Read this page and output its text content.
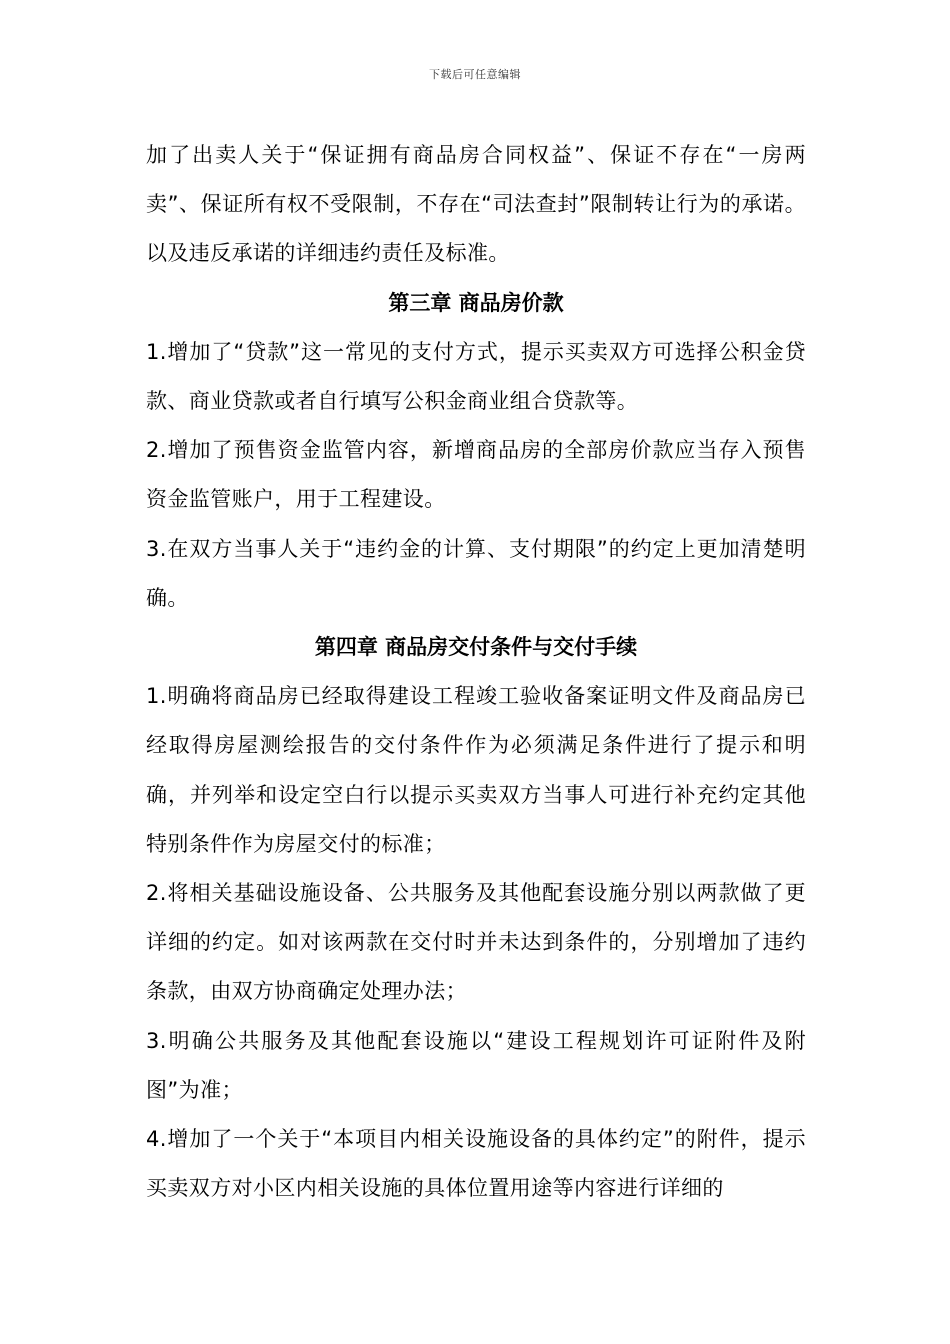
下载后可任意编辑

加了出卖人关于“保证拥有商品房合同权益”、保证不存在“一房两卖”、保证所有权不受限制，不存在“司法查封”限制转让行为的承诺。以及违反承诺的详细违约责任及标准。

第三章 商品房价款

1.增加了“贷款”这一常见的支付方式，提示买卖双方可选择公积金贷款、商业贷款或者自行填写公积金商业组合贷款等。

2.增加了预售资金监管内容，新增商品房的全部房价款应当存入预售资金监管账户，用于工程建设。

3.在双方当事人关于“违约金的计算、支付期限”的约定上更加清楚明确。

第四章 商品房交付条件与交付手续

1.明确将商品房已经取得建设工程竣工验收备案证明文件及商品房已经取得房屋测绘报告的交付条件作为必须满足条件进行了提示和明确，并列举和设定空白行以提示买卖双方当事人可进行补充约定其他特别条件作为房屋交付的标准；

2.将相关基础设施设备、公共服务及其他配套设施分别以两款做了更详细的约定。如对该两款在交付时并未达到条件的，分别增加了违约条款，由双方协商确定处理办法；

3.明确公共服务及其他配套设施以“建设工程规划许可证附件及附图”为准；

4.增加了一个关于“本项目内相关设施设备的具体约定”的附件，提示买卖双方对小区内相关设施的具体位置用途等内容进行详细的
